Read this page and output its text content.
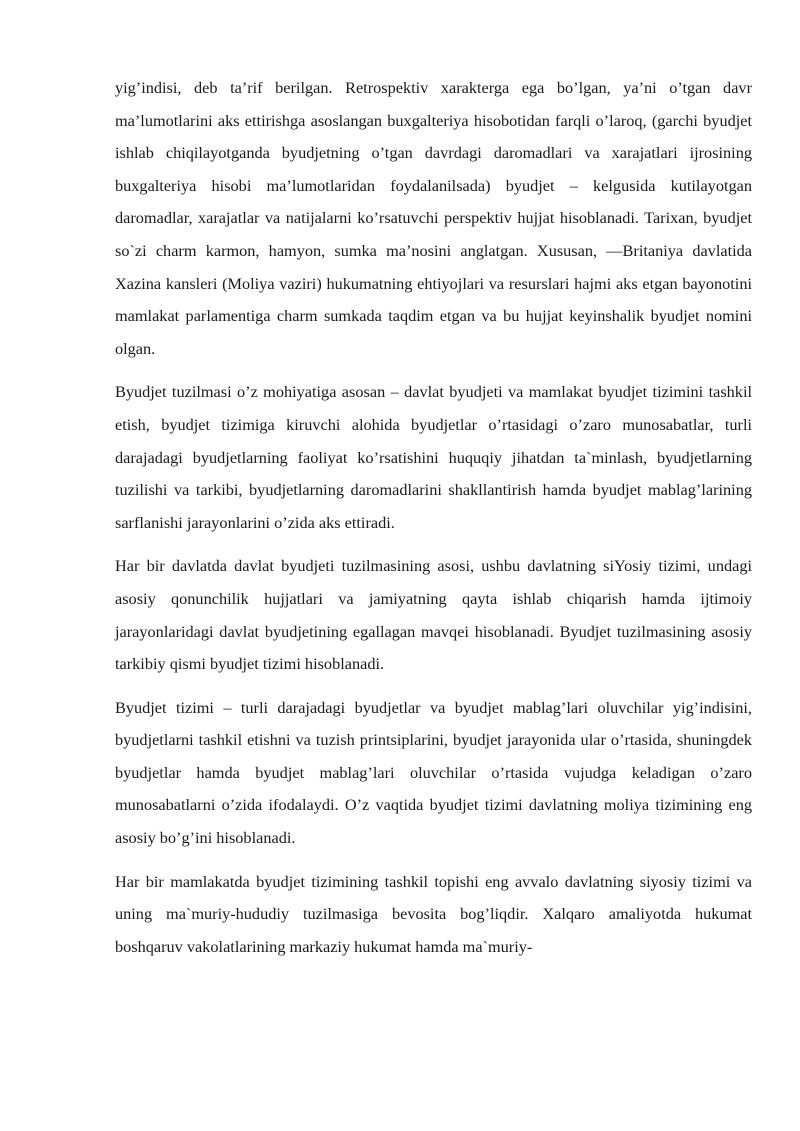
yig’indisi, deb ta’rif berilgan. Retrospektiv xarakterga ega bo’lgan, ya’ni o’tgan davr ma’lumotlarini aks ettirishga asoslangan buxgalteriya hisobotidan farqli o’laroq, (garchi byudjet ishlab chiqilayotganda byudjetning o’tgan davrdagi daromadlari va xarajatlari ijrosining buxgalteriya hisobi ma’lumotlaridan foydalanilsada) byudjet – kelgusida kutilayotgan daromadlar, xarajatlar va natijalarni ko’rsatuvchi perspektiv hujjat hisoblanadi. Tarixan, byudjet so`zi charm karmon, hamyon, sumka ma’nosini anglatgan. Xususan, —Britaniya davlatida Xazina kansleri (Moliya vaziri) hukumatning ehtiyojlari va resurslari hajmi aks etgan bayonotini mamlakat parlamentiga charm sumkada taqdim etgan va bu hujjat keyinshalik byudjet nomini olgan.

Byudjet tuzilmasi o’z mohiyatiga asosan – davlat byudjeti va mamlakat byudjet tizimini tashkil etish, byudjet tizimiga kiruvchi alohida byudjetlar o’rtasidagi o’zaro munosabatlar, turli darajadagi byudjetlarning faoliyat ko’rsatishini huquqiy jihatdan ta`minlash, byudjetlarning tuzilishi va tarkibi, byudjetlarning daromadlarini shakllantirish hamda byudjet mablag’larining sarflanishi jarayonlarini o’zida aks ettiradi.

Har bir davlatda davlat byudjeti tuzilmasining asosi, ushbu davlatning siYosiy tizimi, undagi asosiy qonunchilik hujjatlari va jamiyatning qayta ishlab chiqarish hamda ijtimoiy jarayonlaridagi davlat byudjetining egallagan mavqei hisoblanadi. Byudjet tuzilmasining asosiy tarkibiy qismi byudjet tizimi hisoblanadi.

Byudjet tizimi – turli darajadagi byudjetlar va byudjet mablag’lari oluvchilar yig’indisini, byudjetlarni tashkil etishni va tuzish printsiplarini, byudjet jarayonida ular o’rtasida, shuningdek byudjetlar hamda byudjet mablag’lari oluvchilar o’rtasida vujudga keladigan o’zaro munosabatlarni o’zida ifodalaydi. O’z vaqtida byudjet tizimi davlatning moliya tizimining eng asosiy bo’g’ini hisoblanadi.

Har bir mamlakatda byudjet tizimining tashkil topishi eng avvalo davlatning siyosiy tizimi va uning ma`muriy-hududiy tuzilmasiga bevosita bog’liqdir. Xalqaro amaliyotda hukumat boshqaruv vakolatlarining markaziy hukumat hamda ma`muriy-
